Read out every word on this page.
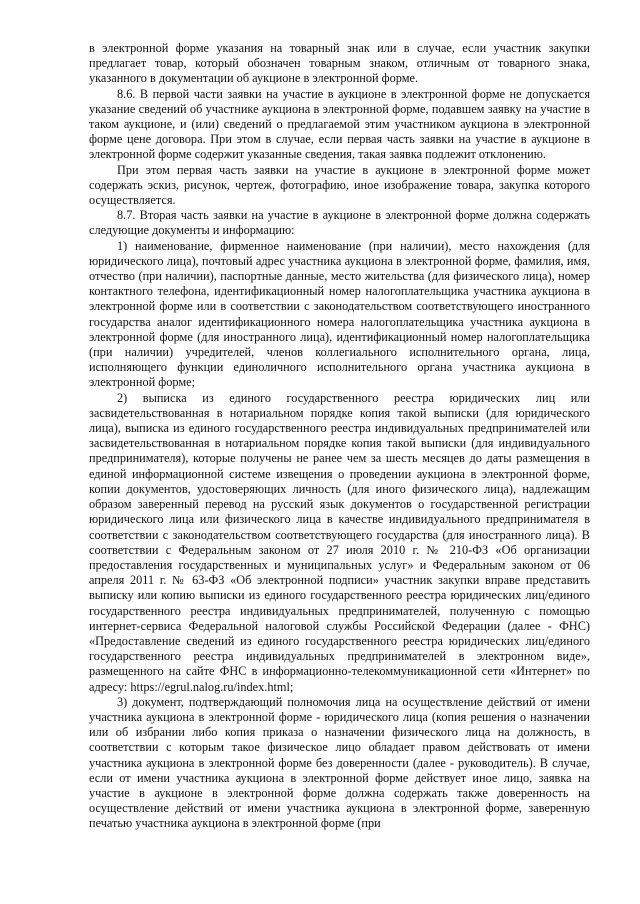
в электронной форме указания на товарный знак или в случае, если участник закупки предлагает товар, который обозначен товарным знаком, отличным от товарного знака, указанного в документации об аукционе в электронной форме.

8.6. В первой части заявки на участие в аукционе в электронной форме не допускается указание сведений об участнике аукциона в электронной форме, подавшем заявку на участие в таком аукционе, и (или) сведений о предлагаемой этим участником аукциона в электронной форме цене договора. При этом в случае, если первая часть заявки на участие в аукционе в электронной форме содержит указанные сведения, такая заявка подлежит отклонению.

При этом первая часть заявки на участие в аукционе в электронной форме может содержать эскиз, рисунок, чертеж, фотографию, иное изображение товара, закупка которого осуществляется.

8.7. Вторая часть заявки на участие в аукционе в электронной форме должна содержать следующие документы и информацию:

1) наименование, фирменное наименование (при наличии), место нахождения (для юридического лица), почтовый адрес участника аукциона в электронной форме, фамилия, имя, отчество (при наличии), паспортные данные, место жительства (для физического лица), номер контактного телефона, идентификационный номер налогоплательщика участника аукциона в электронной форме или в соответствии с законодательством соответствующего иностранного государства аналог идентификационного номера налогоплательщика участника аукциона в электронной форме (для иностранного лица), идентификационный номер налогоплательщика (при наличии) учредителей, членов коллегиального исполнительного органа, лица, исполняющего функции единоличного исполнительного органа участника аукциона в электронной форме;

2) выписка из единого государственного реестра юридических лиц или засвидетельствованная в нотариальном порядке копия такой выписки (для юридического лица), выписка из единого государственного реестра индивидуальных предпринимателей или засвидетельствованная в нотариальном порядке копия такой выписки (для индивидуального предпринимателя), которые получены не ранее чем за шесть месяцев до даты размещения в единой информационной системе извещения о проведении аукциона в электронной форме, копии документов, удостоверяющих личность (для иного физического лица), надлежащим образом заверенный перевод на русский язык документов о государственной регистрации юридического лица или физического лица в качестве индивидуального предпринимателя в соответствии с законодательством соответствующего государства (для иностранного лица). В соответствии с Федеральным законом от 27 июля 2010 г. № 210-ФЗ «Об организации предоставления государственных и муниципальных услуг» и Федеральным законом от 06 апреля 2011 г. № 63-ФЗ «Об электронной подписи» участник закупки вправе представить выписку или копию выписки из единого государственного реестра юридических лиц/единого государственного реестра индивидуальных предпринимателей, полученную с помощью интернет-сервиса Федеральной налоговой службы Российской Федерации (далее - ФНС) «Предоставление сведений из единого государственного реестра юридических лиц/единого государственного реестра индивидуальных предпринимателей в электронном виде», размещенного на сайте ФНС в информационно-телекоммуникационной сети «Интернет» по адресу: https://egrul.nalog.ru/index.html;

3) документ, подтверждающий полномочия лица на осуществление действий от имени участника аукциона в электронной форме - юридического лица (копия решения о назначении или об избрании либо копия приказа о назначении физического лица на должность, в соответствии с которым такое физическое лицо обладает правом действовать от имени участника аукциона в электронной форме без доверенности (далее - руководитель). В случае, если от имени участника аукциона в электронной форме действует иное лицо, заявка на участие в аукционе в электронной форме должна содержать также доверенность на осуществление действий от имени участника аукциона в электронной форме, заверенную печатью участника аукциона в электронной форме (при
